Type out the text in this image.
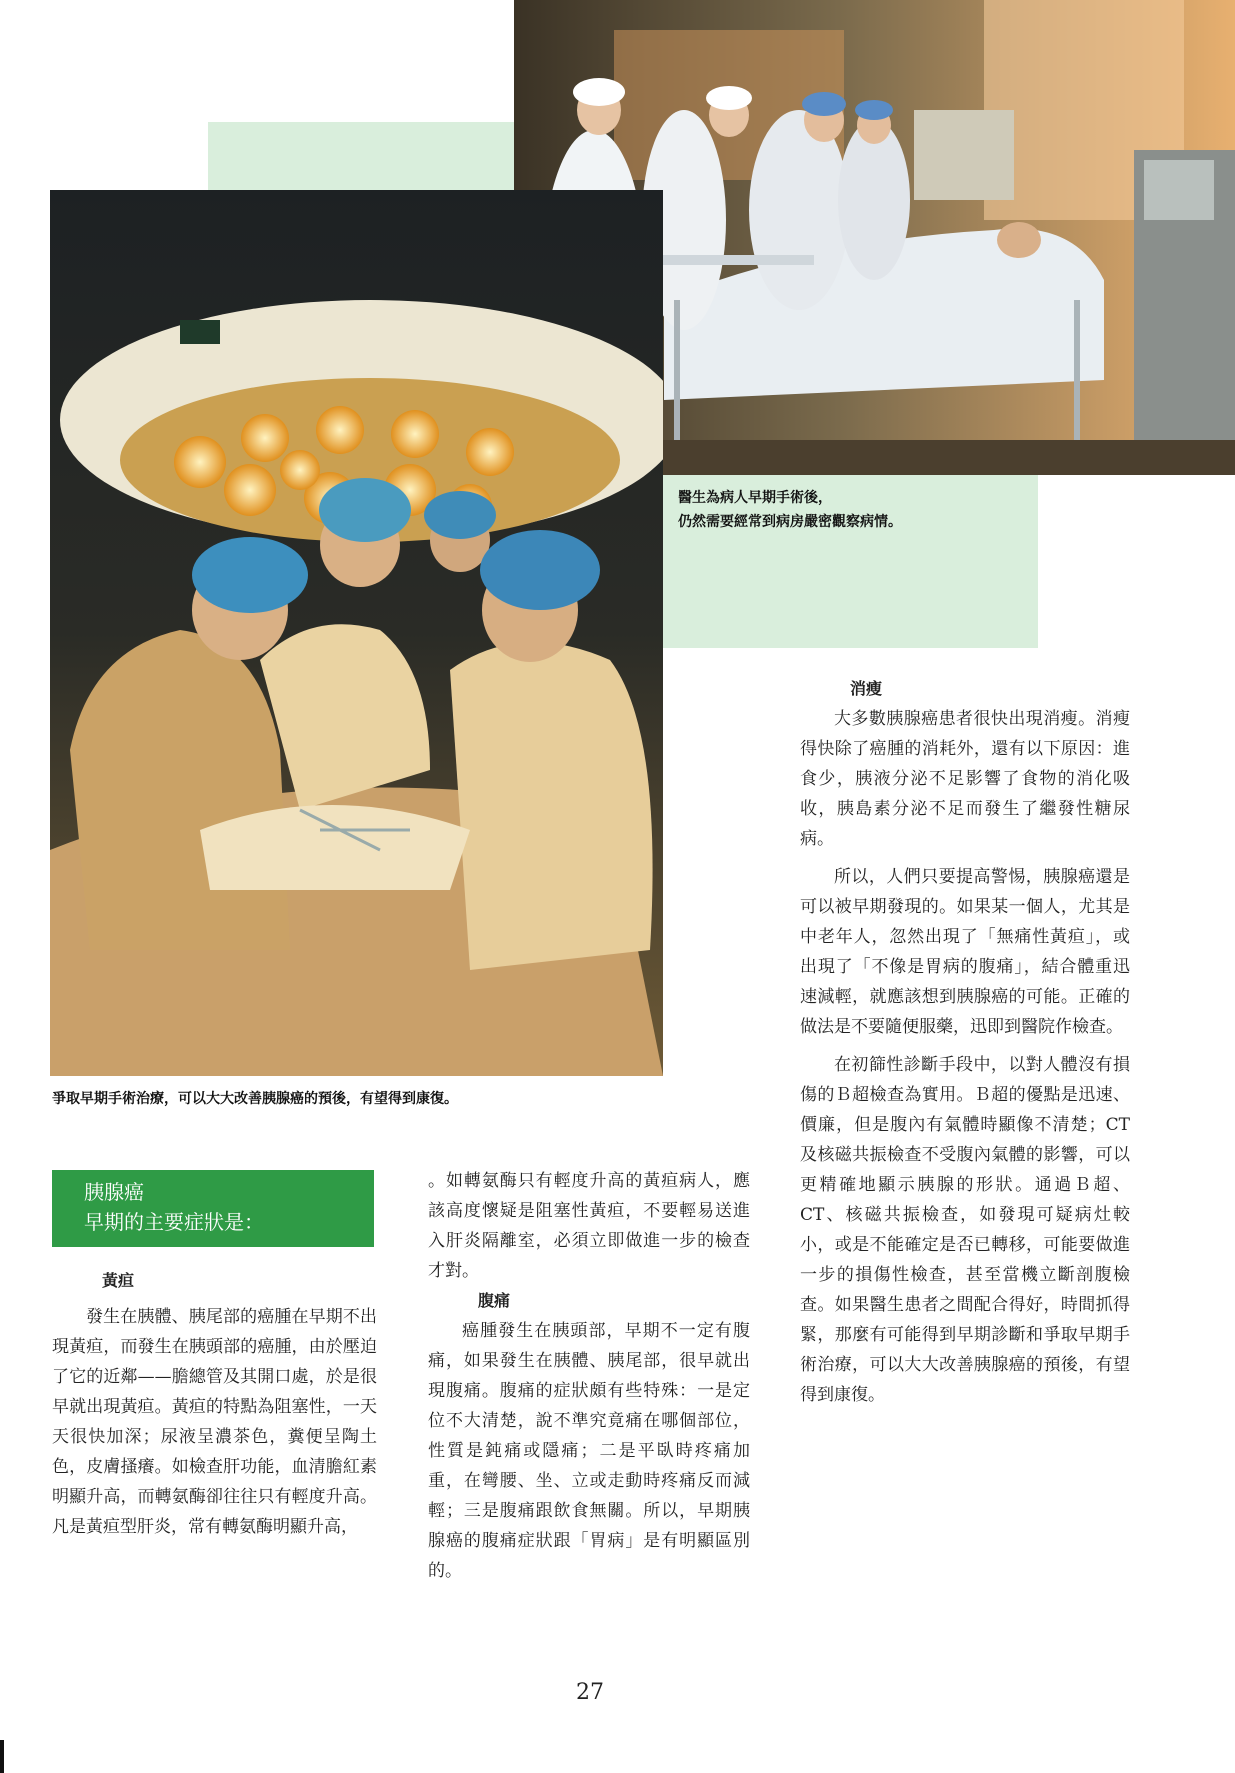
醫生為病人早期手術後，
仍然需要經常到病房嚴密觀察病情。
爭取早期手術治療，可以大大改善胰腺癌的預後，有望得到康復。
胰腺癌
早期的主要症狀是：
黃疸

發生在胰體、胰尾部的癌腫在早期不出現黃疸，而發生在胰頭部的癌腫，由於壓迫了它的近鄰——膽總管及其開口處，於是很早就出現黃疸。黃疸的特點為阻塞性，一天天很快加深；尿液呈濃茶色，糞便呈陶土色，皮膚搔癢。如檢查肝功能，血清膽紅素明顯升高，而轉氨酶卻往往只有輕度升高。凡是黃疸型肝炎，常有轉氨酶明顯升高，

。如轉氨酶只有輕度升高的黃疸病人，應該高度懷疑是阻塞性黃疸，不要輕易送進入肝炎隔離室，必須立即做進一步的檢查才對。

腹痛

癌腫發生在胰頭部，早期不一定有腹痛，如果發生在胰體、胰尾部，很早就出現腹痛。腹痛的症狀頗有些特殊：一是定位不大清楚，說不準究竟痛在哪個部位，性質是鈍痛或隱痛；二是平臥時疼痛加重，在彎腰、坐、立或走動時疼痛反而減輕；三是腹痛跟飲食無關。所以，早期胰腺癌的腹痛症狀跟「胃病」是有明顯區別的。

消瘦

大多數胰腺癌患者很快出現消瘦。消瘦得快除了癌腫的消耗外，還有以下原因：進食少，胰液分泌不足影響了食物的消化吸收，胰島素分泌不足而發生了繼發性糖尿病。

所以，人們只要提高警惕，胰腺癌還是可以被早期發現的。如果某一個人，尤其是中老年人，忽然出現了「無痛性黃疸」，或出現了「不像是胃病的腹痛」，結合體重迅速減輕，就應該想到胰腺癌的可能。正確的做法是不要隨便服藥，迅即到醫院作檢查。

在初篩性診斷手段中，以對人體沒有損傷的Ｂ超檢查為實用。Ｂ超的優點是迅速、價廉，但是腹內有氣體時顯像不清楚；CT及核磁共振檢查不受腹內氣體的影響，可以更精確地顯示胰腺的形狀。通過Ｂ超、CT、核磁共振檢查，如發現可疑病灶較小，或是不能確定是否已轉移，可能要做進一步的損傷性檢查，甚至當機立斷剖腹檢查。如果醫生患者之間配合得好，時間抓得緊，那麼有可能得到早期診斷和爭取早期手術治療，可以大大改善胰腺癌的預後，有望得到康復。

27
